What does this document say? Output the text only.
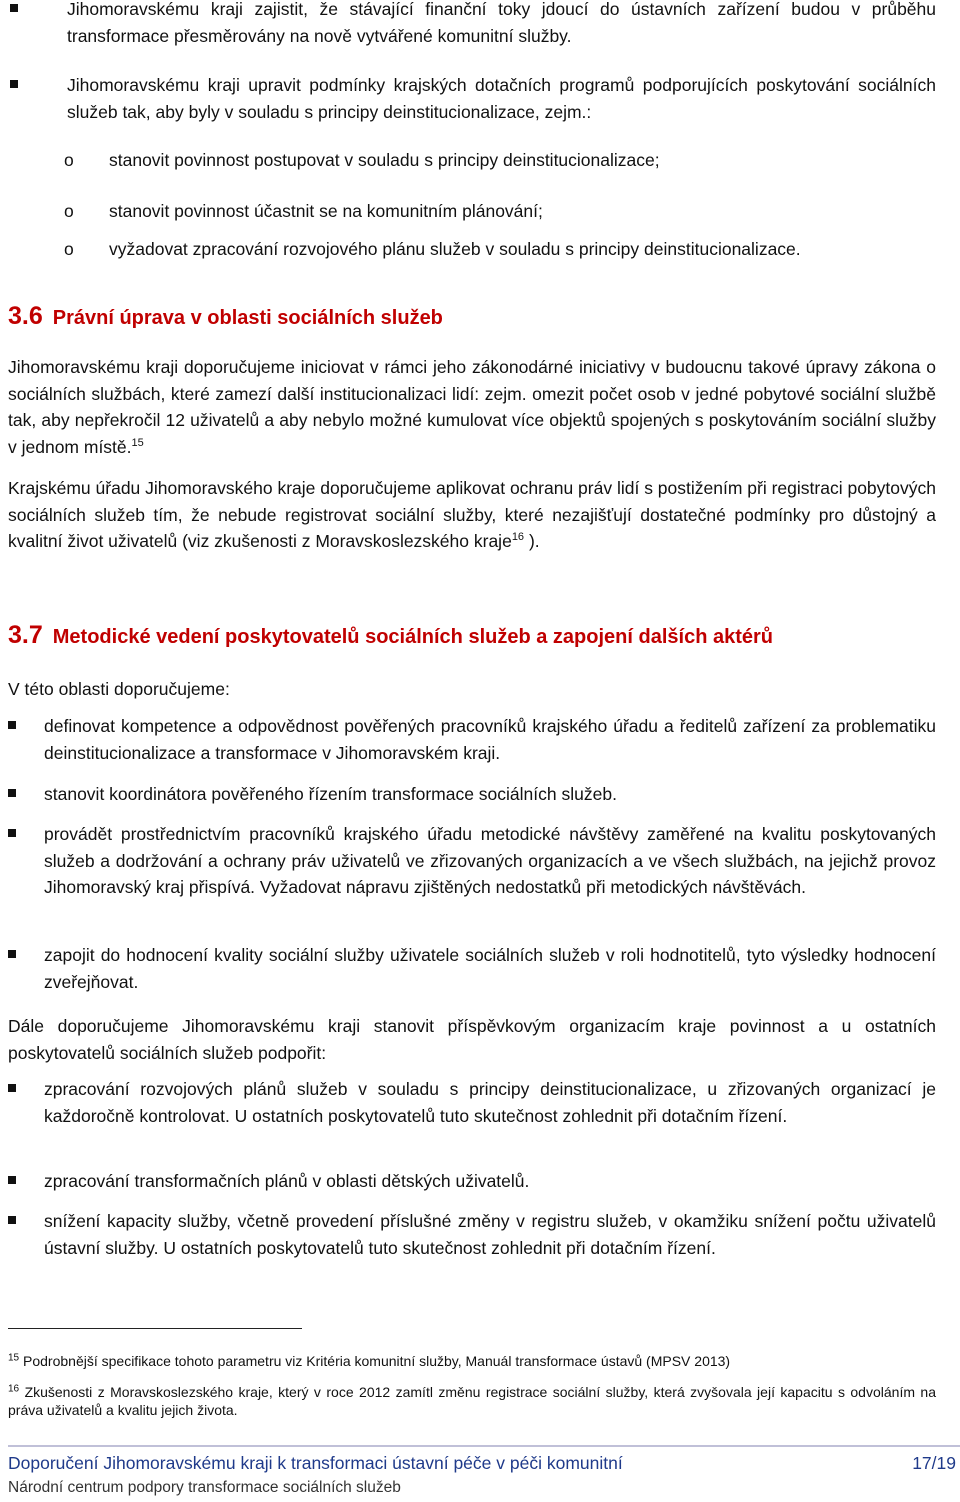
Jihomoravskému kraji zajistit, že stávající finanční toky jdoucí do ústavních zařízení budou v průběhu transformace přesměrovány na nově vytvářené komunitní služby.

Jihomoravskému kraji upravit podmínky krajských dotačních programů podporujících poskytování sociálních služeb tak, aby byly v souladu s principy deinstitucionalizace, zejm.:

o stanovit povinnost postupovat v souladu s principy deinstitucionalizace;

o stanovit povinnost účastnit se na komunitním plánování;

o vyžadovat zpracování rozvojového plánu služeb v souladu s principy deinstitucionalizace.

3.6 Právní úprava v oblasti sociálních služeb

Jihomoravskému kraji doporučujeme iniciovat v rámci jeho zákonodárné iniciativy v budoucnu takové úpravy zákona o sociálních službách, které zamezí další institucionalizaci lidí: zejm. omezit počet osob v jedné pobytové sociální službě tak, aby nepřekročil 12 uživatelů a aby nebylo možné kumulovat více objektů spojených s poskytováním sociální služby v jednom místě.$^{15}$

Krajskému úřadu Jihomoravského kraje doporučujeme aplikovat ochranu práv lidí s postižením při registraci pobytových sociálních služeb tím, že nebude registrovat sociální služby, které nezajišťují dostatečné podmínky pro důstojný a kvalitní život uživatelů (viz zkušenosti z Moravskoslezského kraje$^{16}$ ).

3.7 Metodické vedení poskytovatelů sociálních služeb a zapojení dalších aktérů

V této oblasti doporučujeme:

definovat kompetence a odpovědnost pověřených pracovníků krajského úřadu a ředitelů zařízení za problematiku deinstitucionalizace a transformace v Jihomoravském kraji.

stanovit koordinátora pověřeného řízením transformace sociálních služeb.

provádět prostřednictvím pracovníků krajského úřadu metodické návštěvy zaměřené na kvalitu poskytovaných služeb a dodržování a ochrany práv uživatelů ve zřizovaných organizacích a ve všech službách, na jejichž provoz Jihomoravský kraj přispívá. Vyžadovat nápravu zjištěných nedostatků při metodických návštěvách.

zapojit do hodnocení kvality sociální služby uživatele sociálních služeb v roli hodnotitelů, tyto výsledky hodnocení zveřejňovat.

Dále doporučujeme Jihomoravskému kraji stanovit příspěvkovým organizacím kraje povinnost a u ostatních poskytovatelů sociálních služeb podpořit:

zpracování rozvojových plánů služeb v souladu s principy deinstitucionalizace, u zřizovaných organizací je každoročně kontrolovat. U ostatních poskytovatelů tuto skutečnost zohlednit při dotačním řízení.

zpracování transformačních plánů v oblasti dětských uživatelů.

snížení kapacity služby, včetně provedení příslušné změny v registru služeb, v okamžiku snížení počtu uživatelů ústavní služby. U ostatních poskytovatelů tuto skutečnost zohlednit při dotačním řízení.

$^{15}$ Podrobnější specifikace tohoto parametru viz Kritéria komunitní služby, Manuál transformace ústavů (MPSV 2013)

$^{16}$ Zkušenosti z Moravskoslezského kraje, který v roce 2012 zamítl změnu registrace sociální služby, která zvyšovala její kapacitu s odvoláním na práva uživatelů a kvalitu jejich života.

Doporučení Jihomoravskému kraji k transformaci ústavní péče v péči komunitní	17/19
Národní centrum podpory transformace sociálních služeb
